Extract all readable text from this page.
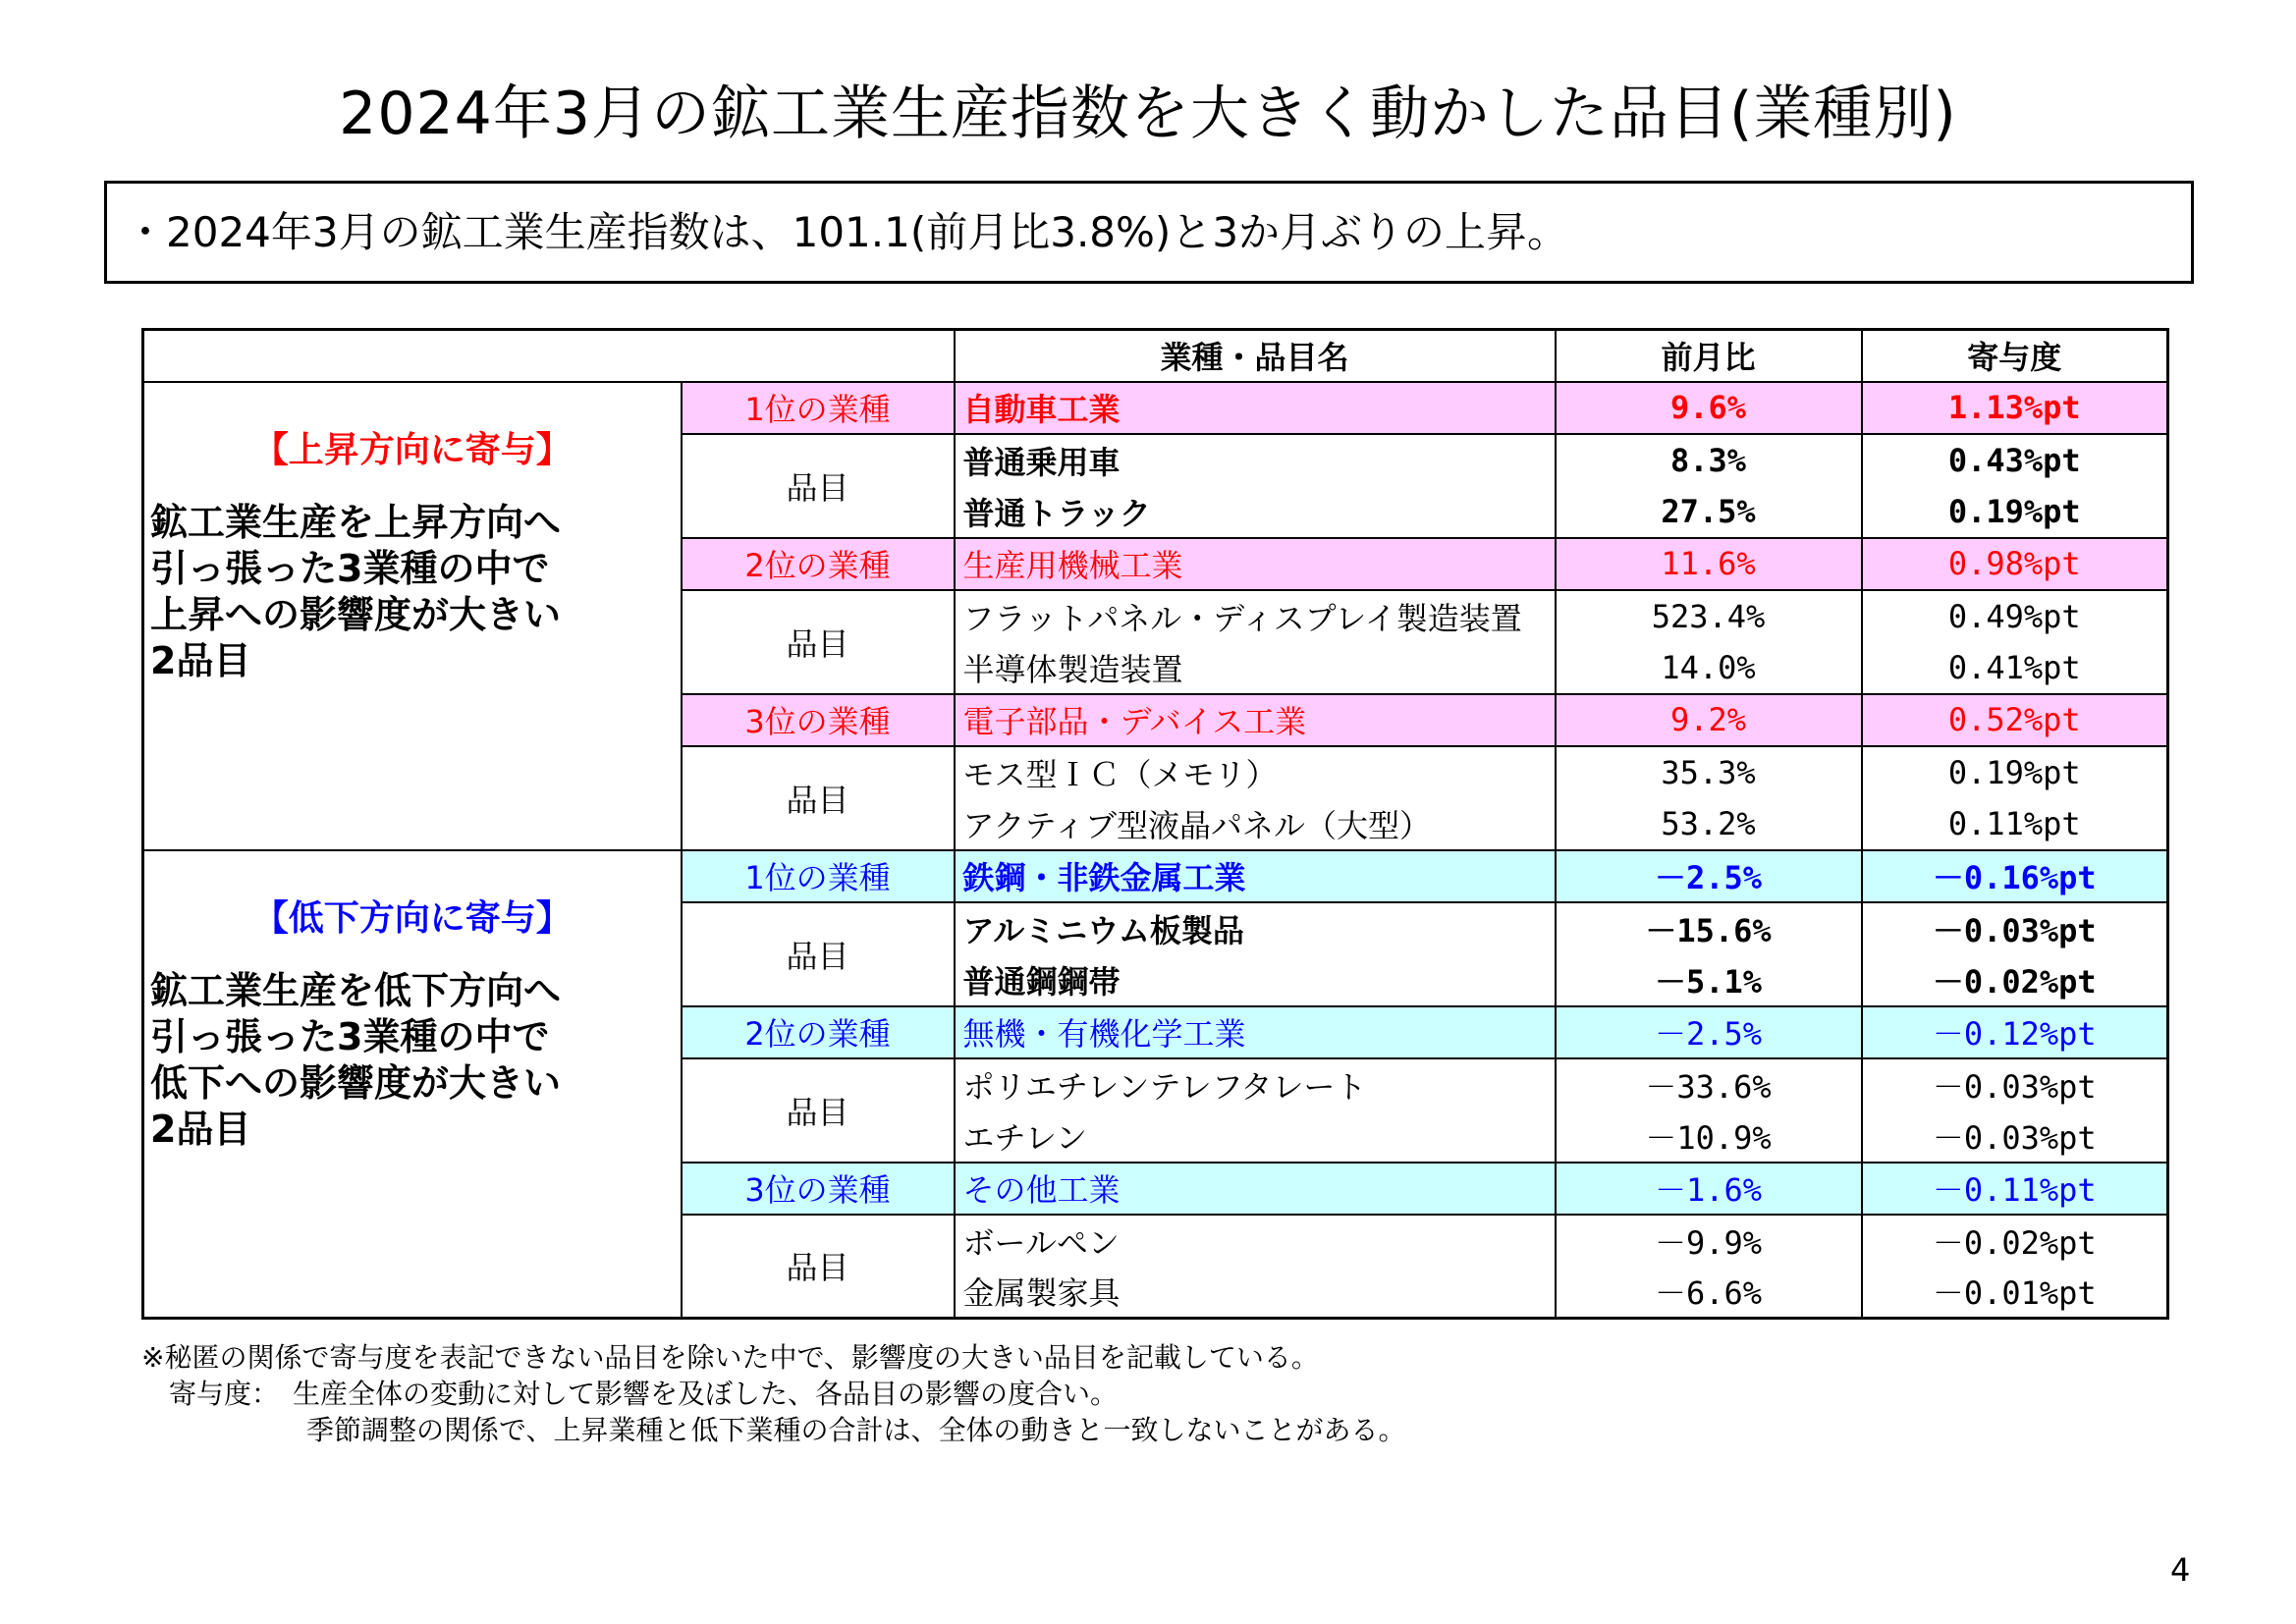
2024年3月の鉱工業生産指数を大きく動かした品目(業種別)
・2024年3月の鉱工業生産指数は、101.1(前月比3.8%)と3か月ぶりの上昇。
		業種・品目名	前月比	寄与度

【上昇方向に寄与】
鉱工業生産を上昇方向へ
引っ張った3業種の中で
上昇への影響度が大きい
2品目	1位の業種	自動車工業	9.6%	1.13%pt
	品目	普通乗用車	8.3%	0.43%pt
		普通トラック	27.5%	0.19%pt
	2位の業種	生産用機械工業	11.6%	0.98%pt
	品目	フラットパネル・ディスプレイ製造装置	523.4%	0.49%pt
		半導体製造装置	14.0%	0.41%pt
	3位の業種	電子部品・デバイス工業	9.2%	0.52%pt
	品目	モス型ＩＣ（メモリ）	35.3%	0.19%pt
		アクティブ型液晶パネル（大型）	53.2%	0.11%pt

【低下方向に寄与】
鉱工業生産を低下方向へ
引っ張った3業種の中で
低下への影響度が大きい
2品目	1位の業種	鉄鋼・非鉄金属工業	－2.5%	－0.16%pt
	品目	アルミニウム板製品	－15.6%	－0.03%pt
		普通鋼鋼帯	－5.1%	－0.02%pt
	2位の業種	無機・有機化学工業	－2.5%	－0.12%pt
	品目	ポリエチレンテレフタレート	－33.6%	－0.03%pt
		エチレン	－10.9%	－0.03%pt
	3位の業種	その他工業	－1.6%	－0.11%pt
	品目	ボールペン	－9.9%	－0.02%pt
		金属製家具	－6.6%	－0.01%pt
※秘匿の関係で寄与度を表記できない品目を除いた中で、影響度の大きい品目を記載している。
　寄与度：　生産全体の変動に対して影響を及ぼした、各品目の影響の度合い。
　　　　　　季節調整の関係で、上昇業種と低下業種の合計は、全体の動きと一致しないことがある。
4
